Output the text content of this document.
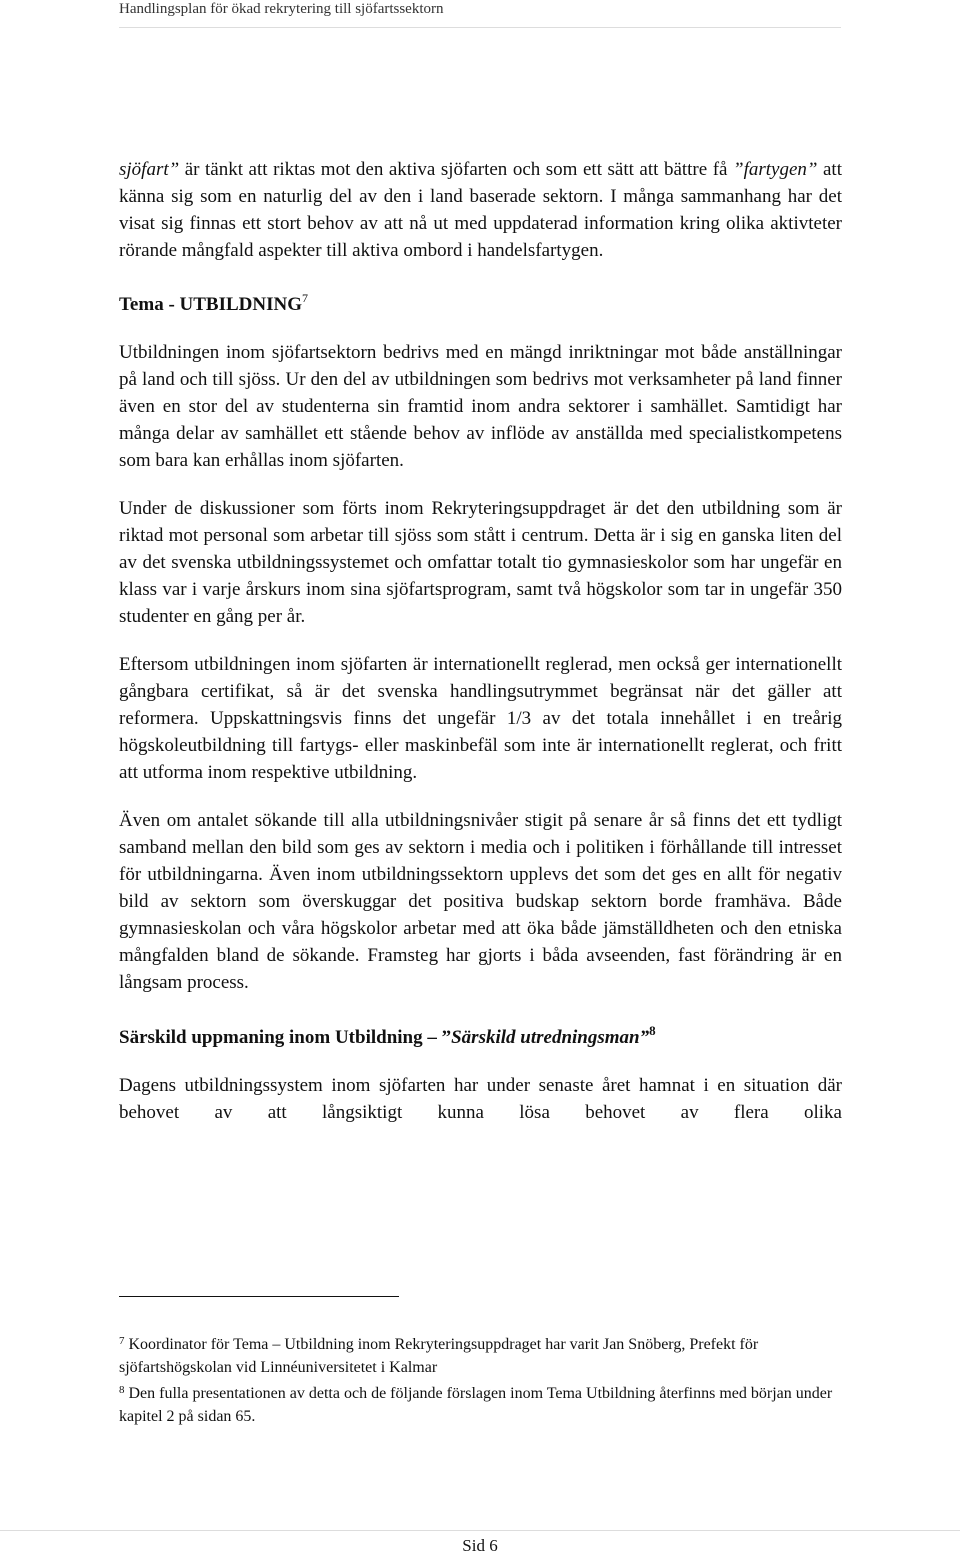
Handlingsplan för ökad rekrytering till sjöfartssektorn

sjöfart” är tänkt att riktas mot den aktiva sjöfarten och som ett sätt att bättre få ”fartygen” att känna sig som en naturlig del av den i land baserade sektorn. I många sammanhang har det visat sig finnas ett stort behov av att nå ut med uppdaterad information kring olika aktivteter rörande mångfald aspekter till aktiva ombord i handelsfartygen.

Tema - UTBILDNING$^7$

Utbildningen inom sjöfartsektorn bedrivs med en mängd inriktningar mot både anställningar på land och till sjöss. Ur den del av utbildningen som bedrivs mot verksamheter på land finner även en stor del av studenterna sin framtid inom andra sektorer i samhället. Samtidigt har många delar av samhället ett stående behov av inflöde av anställda med specialistkompetens som bara kan erhållas inom sjöfarten.

Under de diskussioner som förts inom Rekryteringsuppdraget är det den utbildning som är riktad mot personal som arbetar till sjöss som stått i centrum. Detta är i sig en ganska liten del av det svenska utbildningssystemet och omfattar totalt tio gymnasieskolor som har ungefär en klass var i varje årskurs inom sina sjöfartsprogram, samt två högskolor som tar in ungefär 350 studenter en gång per år.

Eftersom utbildningen inom sjöfarten är internationellt reglerad, men också ger internationellt gångbara certifikat, så är det svenska handlingsutrymmet begränsat när det gäller att reformera. Uppskattningsvis finns det ungefär 1/3 av det totala innehållet i en treårig högskoleutbildning till fartygs- eller maskinbefäl som inte är internationellt reglerat, och fritt att utforma inom respektive utbildning.

Även om antalet sökande till alla utbildningsnivåer stigit på senare år så finns det ett tydligt samband mellan den bild som ges av sektorn i media och i politiken i förhållande till intresset för utbildningarna. Även inom utbildningssektorn upplevs det som det ges en allt för negativ bild av sektorn som överskuggar det positiva budskap sektorn borde framhäva. Både gymnasieskolan och våra högskolor arbetar med att öka både jämställdheten och den etniska mångfalden bland de sökande. Framsteg har gjorts i båda avseenden, fast förändring är en långsam process.

Särskild uppmaning inom Utbildning – ”Särskild utredningsman”$^8$

Dagens utbildningssystem inom sjöfarten har under senaste året hamnat i en situation där behovet av att långsiktigt kunna lösa behovet av flera olika

$^7$ Koordinator för Tema – Utbildning inom Rekryteringsuppdraget har varit Jan Snöberg, Prefekt för sjöfartshögskolan vid Linnéuniversitetet i Kalmar

$^8$ Den fulla presentationen av detta och de följande förslagen inom Tema Utbildning återfinns med början under kapitel 2 på sidan 65.

Sid 6
